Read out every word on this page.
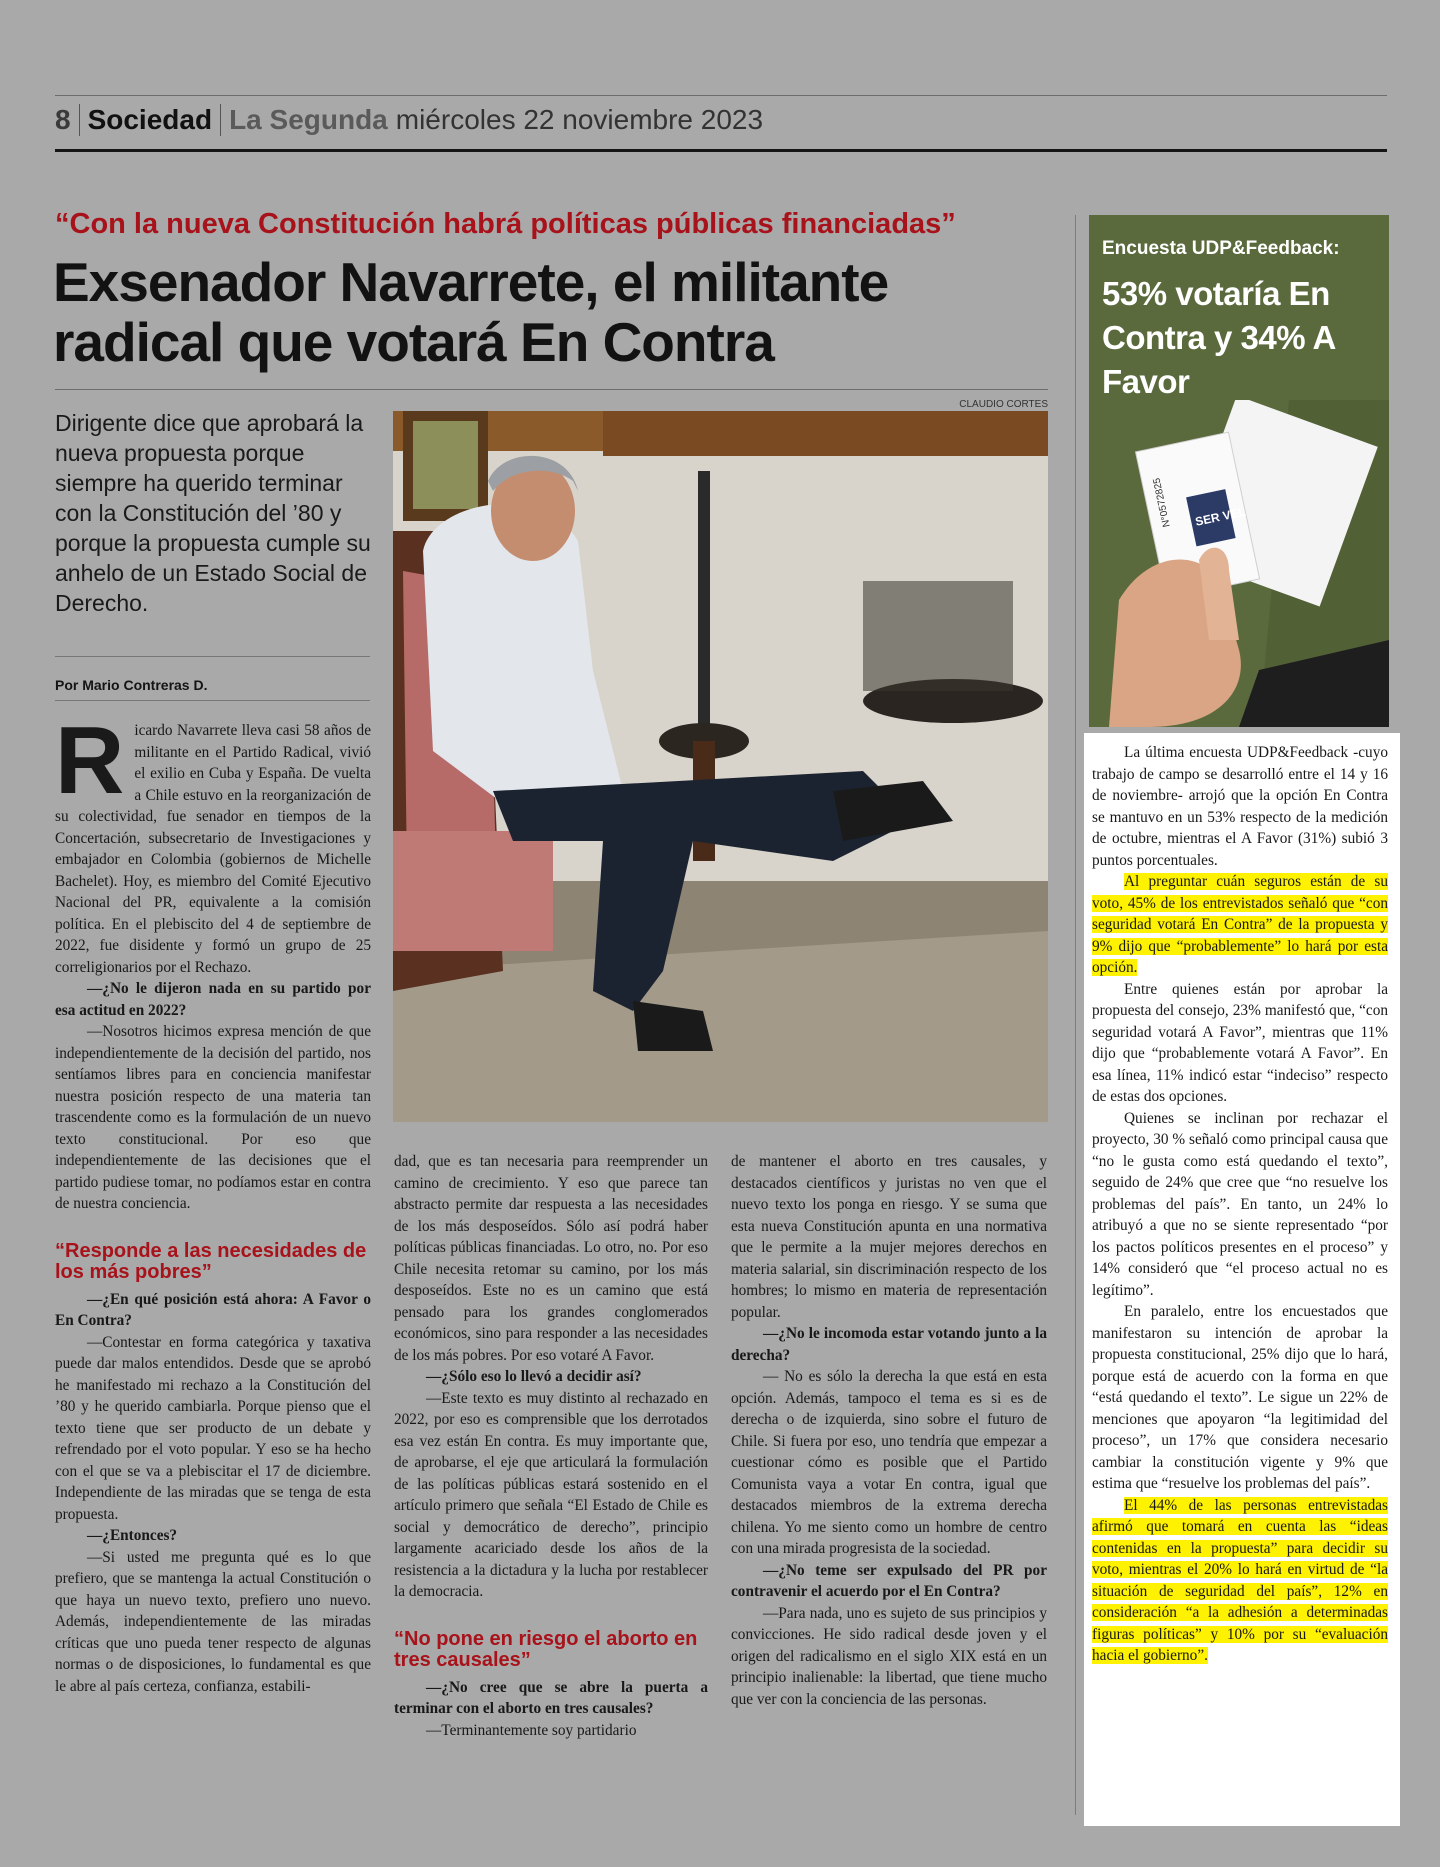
8 Sociedad La Segunda miércoles 22 noviembre 2023
“Con la nueva Constitución habrá políticas públicas financiadas”
Exsenador Navarrete, el militante
radical que votará En Contra
CLAUDIO CORTES
Dirigente dice que aprobará la nueva propuesta porque siempre ha querido terminar con la Constitución del ’80 y porque la propuesta cumple su anhelo de un Estado Social de Derecho.
Por Mario Contreras D.
R icardo Navarrete lleva casi 58 años de militante en el Partido Radical, vivió el exilio en Cuba y España. De vuelta a Chile estuvo en la reorganización de su colectividad, fue senador en tiempos de la Concertación, subsecretario de Investigaciones y embajador en Colombia (gobiernos de Michelle Bachelet). Hoy, es miembro del Comité Ejecutivo Nacional del PR, equivalente a la comisión política. En el plebiscito del 4 de septiembre de 2022, fue disidente y formó un grupo de 25 correligionarios por el Rechazo.

—¿No le dijeron nada en su partido por esa actitud en 2022?

—Nosotros hicimos expresa mención de que independientemente de la decisión del partido, nos sentíamos libres para en conciencia manifestar nuestra posición respecto de una materia tan trascendente como es la formulación de un nuevo texto constitucional. Por eso que independientemente de las decisiones que el partido pudiese tomar, no podíamos estar en contra de nuestra conciencia.

“Responde a las necesidades de los más pobres”

—¿En qué posición está ahora: A Favor o En Contra?

—Contestar en forma categórica y taxativa puede dar malos entendidos. Desde que se aprobó he manifestado mi rechazo a la Constitución del ’80 y he querido cambiarla. Porque pienso que el texto tiene que ser producto de un debate y refrendado por el voto popular. Y eso se ha hecho con el que se va a plebiscitar el 17 de diciembre. Independiente de las miradas que se tenga de esta propuesta.

—¿Entonces?

—Si usted me pregunta qué es lo que prefiero, que se mantenga la actual Constitución o que haya un nuevo texto, prefiero uno nuevo. Además, independientemente de las miradas críticas que uno pueda tener respecto de algunas normas o de disposiciones, lo fundamental es que le abre al país certeza, confianza, estabili-

dad, que es tan necesaria para reemprender un camino de crecimiento. Y eso que parece tan abstracto permite dar respuesta a las necesidades de los más desposeídos. Sólo así podrá haber políticas públicas financiadas. Lo otro, no. Por eso Chile necesita retomar su camino, por los más desposeídos. Este no es un camino que está pensado para los grandes conglomerados económicos, sino para responder a las necesidades de los más pobres. Por eso votaré A Favor.

—¿Sólo eso lo llevó a decidir así?

—Este texto es muy distinto al rechazado en 2022, por eso es comprensible que los derrotados esa vez están En contra. Es muy importante que, de aprobarse, el eje que articulará la formulación de las políticas públicas estará sostenido en el artículo primero que señala “El Estado de Chile es social y democrático de derecho”, principio largamente acariciado desde los años de la resistencia a la dictadura y la lucha por restablecer la democracia.

“No pone en riesgo el aborto en tres causales”

—¿No cree que se abre la puerta a terminar con el aborto en tres causales?

—Terminantemente soy partidario

de mantener el aborto en tres causales, y destacados científicos y juristas no ven que el nuevo texto los ponga en riesgo. Y se suma que esta nueva Constitución apunta en una normativa que le permite a la mujer mejores derechos en materia salarial, sin discriminación respecto de los hombres; lo mismo en materia de representación popular.

—¿No le incomoda estar votando junto a la derecha?

— No es sólo la derecha la que está en esta opción. Además, tampoco el tema es si es de derecha o de izquierda, sino sobre el futuro de Chile. Si fuera por eso, uno tendría que empezar a cuestionar cómo es posible que el Partido Comunista vaya a votar En contra, igual que destacados miembros de la extrema derecha chilena. Yo me siento como un hombre de centro con una mirada progresista de la sociedad.

—¿No teme ser expulsado del PR por contravenir el acuerdo por el En Contra?

—Para nada, uno es sujeto de sus principios y convicciones. He sido radical desde joven y el origen del radicalismo en el siglo XIX está en un principio inalienable: la libertad, que tiene mucho que ver con la conciencia de las personas.

Encuesta UDP&Feedback:
53% votaría En Contra y 34% A Favor
N°0572825 SER VEL

La última encuesta UDP&Feedback -cuyo trabajo de campo se desarrolló entre el 14 y 16 de noviembre- arrojó que la opción En Contra se mantuvo en un 53% respecto de la medición de octubre, mientras el A Favor (31%) subió 3 puntos porcentuales.

Al preguntar cuán seguros están de su voto, 45% de los entrevistados señaló que “con seguridad votará En Contra” de la propuesta y 9% dijo que “probablemente” lo hará por esta opción.

Entre quienes están por aprobar la propuesta del consejo, 23% manifestó que, “con seguridad votará A Favor”, mientras que 11% dijo que “probablemente votará A Favor”. En esa línea, 11% indicó estar “indeciso” respecto de estas dos opciones.

Quienes se inclinan por rechazar el proyecto, 30 % señaló como principal causa que “no le gusta como está quedando el texto”, seguido de 24% que cree que “no resuelve los problemas del país”. En tanto, un 24% lo atribuyó a que no se siente representado “por los pactos políticos presentes en el proceso” y 14% consideró que “el proceso actual no es legítimo”.

En paralelo, entre los encuestados que manifestaron su intención de aprobar la propuesta constitucional, 25% dijo que lo hará, porque está de acuerdo con la forma en que “está quedando el texto”. Le sigue un 22% de menciones que apoyaron “la legitimidad del proceso”, un 17% que considera necesario cambiar la constitución vigente y 9% que estima que “resuelve los problemas del país”.

El 44% de las personas entrevistadas afirmó que tomará en cuenta las “ideas contenidas en la propuesta” para decidir su voto, mientras el 20% lo hará en virtud de “la situación de seguridad del país”, 12% en consideración “a la adhesión a determinadas figuras políticas” y 10% por su “evaluación hacia el gobierno”.
